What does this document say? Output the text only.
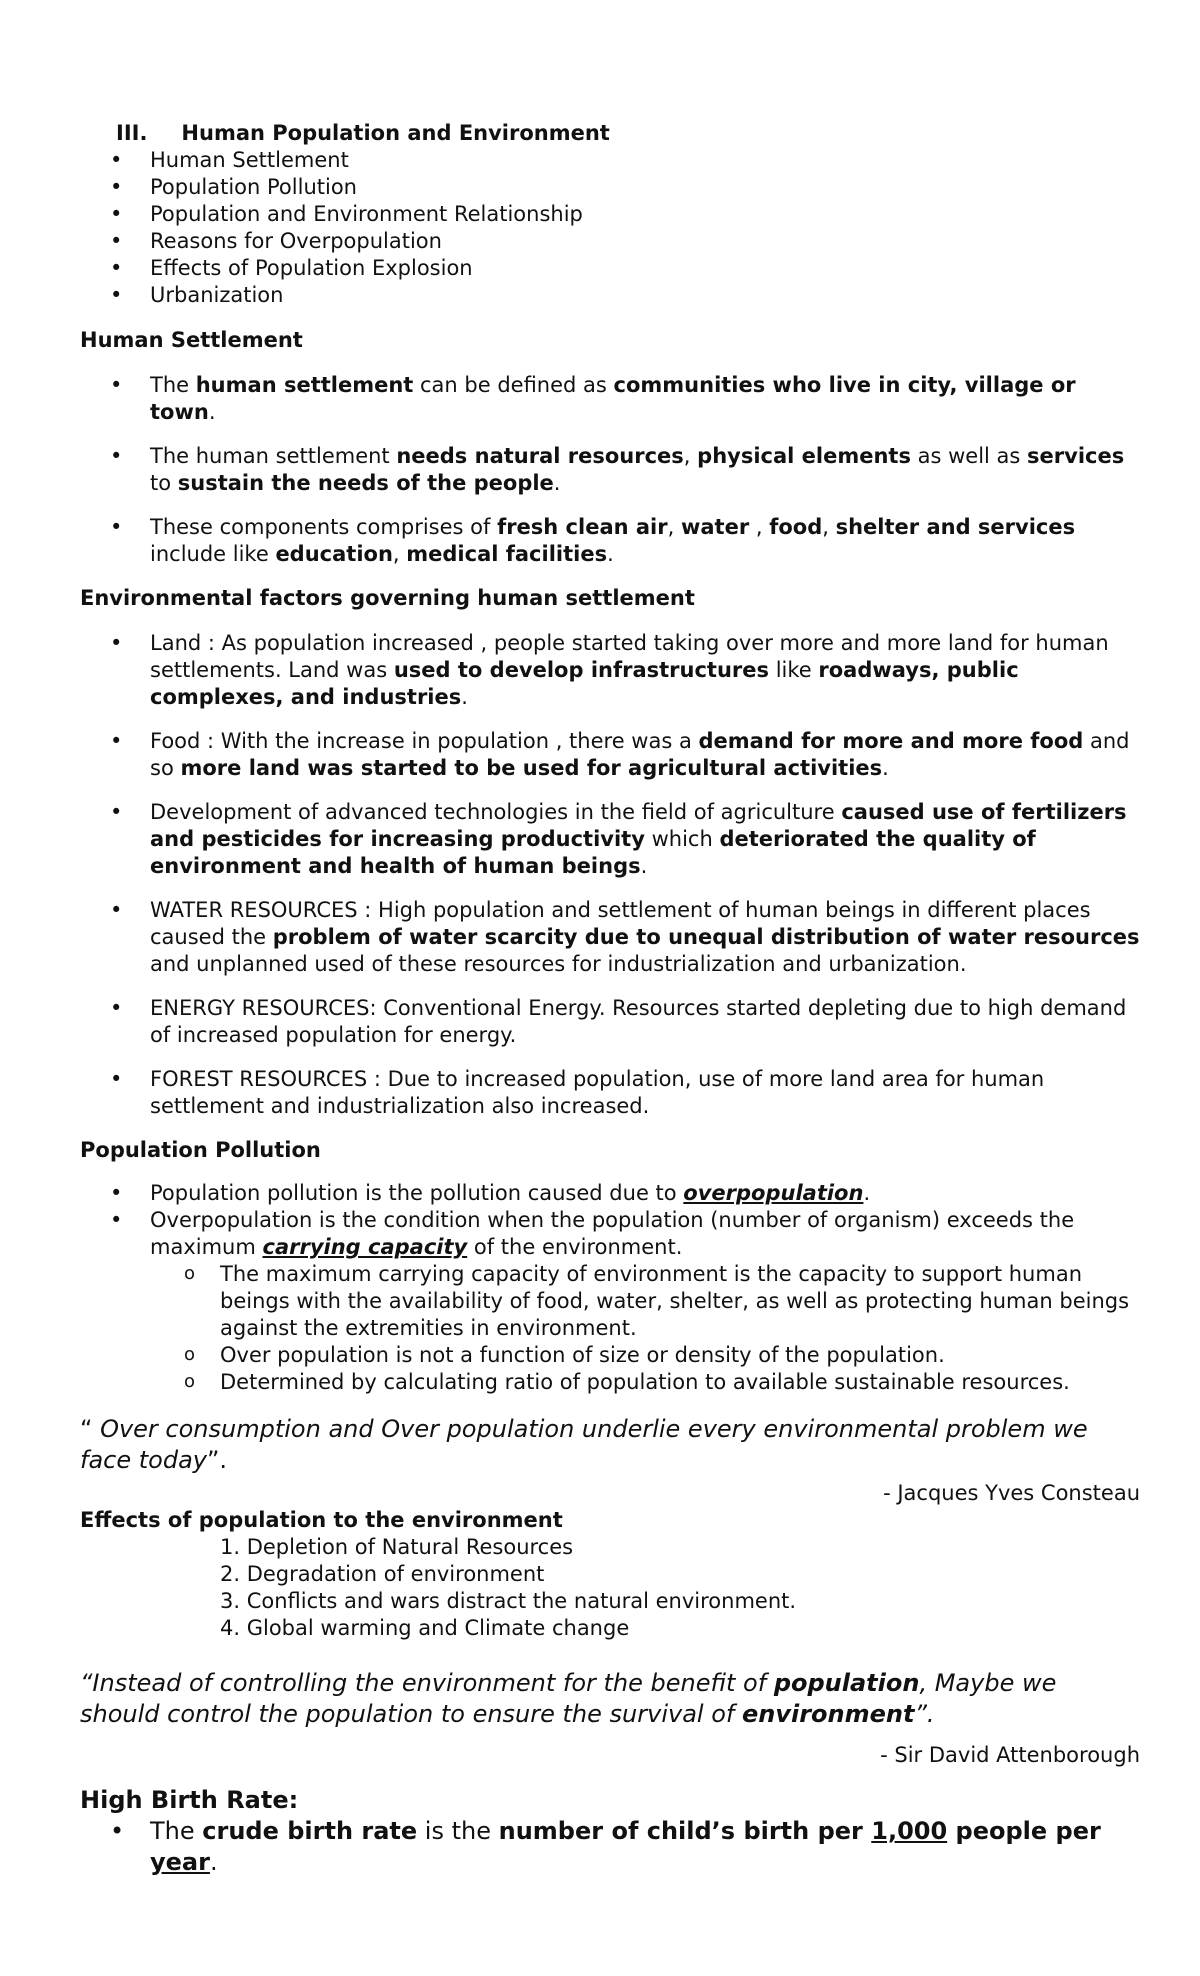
III. Human Population and Environment

• Human Settlement
• Population Pollution
• Population and Environment Relationship
• Reasons for Overpopulation
• Effects of Population Explosion
• Urbanization

Human Settlement

• The human settlement can be defined as communities who live in city, village or town.
• The human settlement needs natural resources, physical elements as well as services to sustain the needs of the people.
• These components comprises of fresh clean air, water , food, shelter and services include like education, medical facilities.

Environmental factors governing human settlement

• Land : As population increased , people started taking over more and more land for human settlements. Land was used to develop infrastructures like roadways, public complexes, and industries.
• Food : With the increase in population , there was a demand for more and more food and so more land was started to be used for agricultural activities.
• Development of advanced technologies in the field of agriculture caused use of fertilizers and pesticides for increasing productivity which deteriorated the quality of environment and health of human beings.
• WATER RESOURCES : High population and settlement of human beings in different places caused the problem of water scarcity due to unequal distribution of water resources and unplanned used of these resources for industrialization and urbanization.
• ENERGY RESOURCES: Conventional Energy. Resources started depleting due to high demand of increased population for energy.
• FOREST RESOURCES : Due to increased population, use of more land area for human settlement and industrialization also increased.

Population Pollution

• Population pollution is the pollution caused due to overpopulation.
• Overpopulation is the condition when the population (number of organism) exceeds the maximum carrying capacity of the environment.
o The maximum carrying capacity of environment is the capacity to support human beings with the availability of food, water, shelter, as well as protecting human beings against the extremities in environment.
o Over population is not a function of size or density of the population.
o Determined by calculating ratio of population to available sustainable resources.

“ Over consumption and Over population underlie every environmental problem we face today”.

- Jacques Yves Consteau

Effects of population to the environment

1. Depletion of Natural Resources
2. Degradation of environment
3. Conflicts and wars distract the natural environment.
4. Global warming and Climate change

“Instead of controlling the environment for the benefit of population, Maybe we should control the population to ensure the survival of environment”.

- Sir David Attenborough

High Birth Rate:

• The crude birth rate is the number of child’s birth per 1,000 people per year.
